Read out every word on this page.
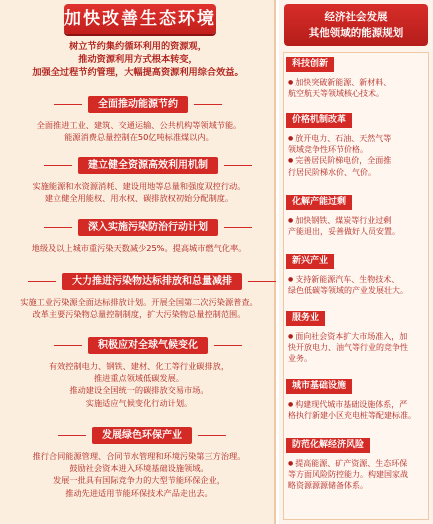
加快改善生态环境
树立节约集约循环利用的资源观，
推动资源利用方式根本转变，
加强全过程节约管理，大幅提高资源利用综合效益。
全面推动能源节约
全面推进工业、建筑、交通运输、公共机构等领域节能。
能源消费总量控制在50亿吨标准煤以内。
建立健全资源高效利用机制
实施能源和水资源消耗、建设用地等总量和强度双控行动。
建立健全用能权、用水权、碳排放权初始分配制度。
深入实施污染防治行动计划
地级及以上城市重污染天数减少25%。提高城市燃气化率。
大力推进污染物达标排放和总量减排
实施工业污染源全面达标排放计划。开展全国第二次污染源普查。
改革主要污染物总量控制制度，扩大污染物总量控制范围。
积极应对全球气候变化
有效控制电力、钢铁、建材、化工等行业碳排放，
推进重点领域低碳发展。
推动建设全国统一的碳排放交易市场。
实施适应气候变化行动计划。
发展绿色环保产业
推行合同能源管理、合同节水管理和环境污染第三方治理。
鼓励社会资本进入环境基础设施领域。
发展一批具有国际竞争力的大型节能环保企业，
推动先进适用节能环保技术产品走出去。
经济社会发展
其他领域的能源规划
科技创新
● 加快突破新能源、新材料、
航空航天等领域核心技术。
价格机制改革
● 放开电力、石油、天然气等
领域竞争性环节价格。
● 完善居民阶梯电价，全面推
行居民阶梯水价、气价。
化解产能过剩
● 加快钢铁、煤炭等行业过剩
产能退出，妥善做好人员安置。
新兴产业
● 支持新能源汽车、生物技术、
绿色低碳等领域的产业发展壮大。
服务业
● 面向社会资本扩大市场准入，加
快开放电力、油气等行业的竞争性
业务。
城市基础设施
● 构建现代城市基础设施体系，严
格执行新建小区充电桩等配建标准。
防范化解经济风险
● 提高能源、矿产资源、生态环保
等方面风险防控能力。构建国家战
略资源源源储备体系。
